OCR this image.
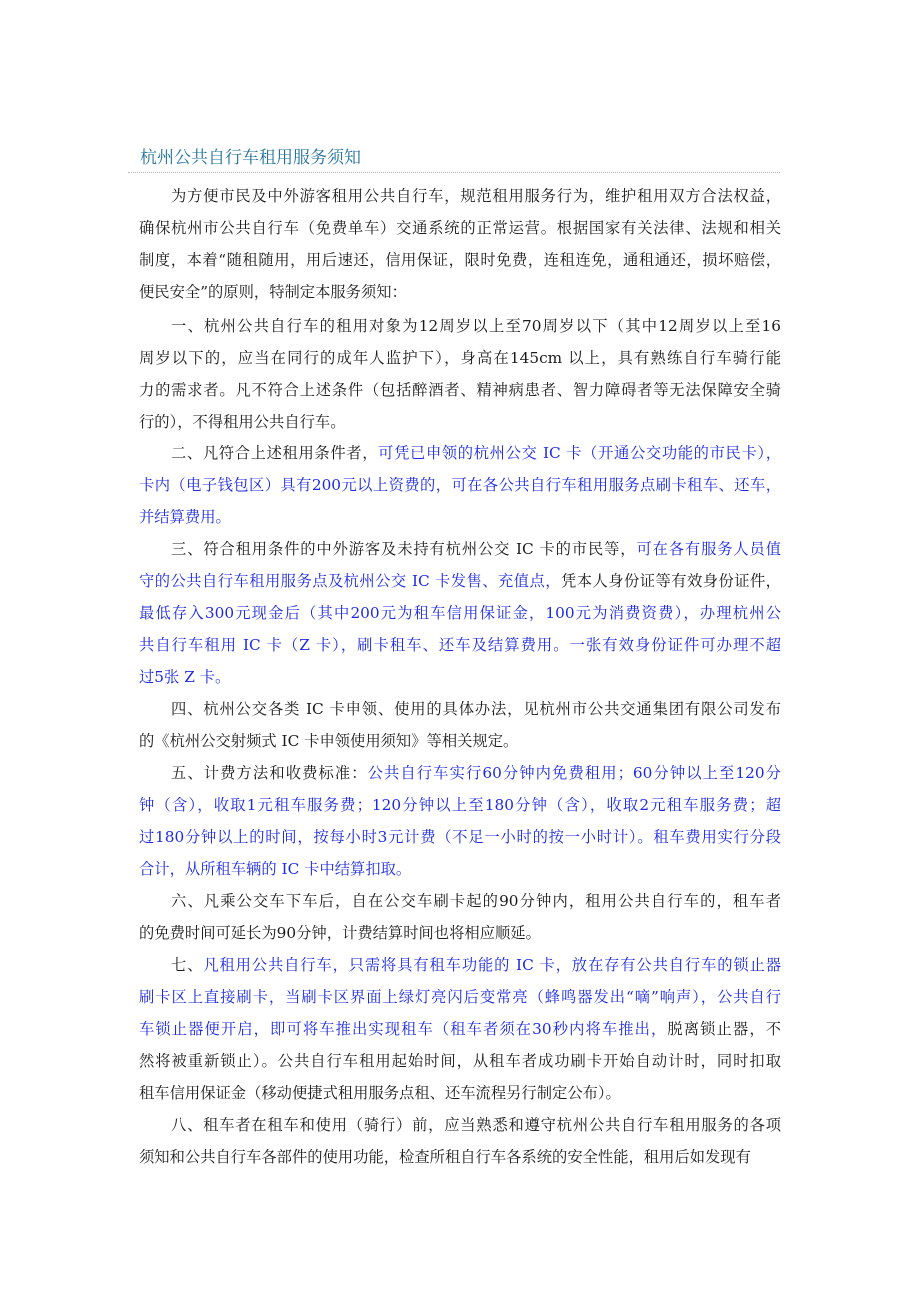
杭州公共自行车租用服务须知
为方便市民及中外游客租用公共自行车，规范租用服务行为，维护租用双方合法权益，
确保杭州市公共自行车（免费单车）交通系统的正常运营。根据国家有关法律、法规和相关
制度，本着“随租随用，用后速还，信用保证，限时免费，连租连免，通租通还，损坏赔偿，
便民安全”的原则，特制定本服务须知：
一、杭州公共自行车的租用对象为12周岁以上至70周岁以下（其中12周岁以上至16
周岁以下的，应当在同行的成年人监护下），身高在145cm 以上，具有熟练自行车骑行能
力的需求者。凡不符合上述条件（包括醉酒者、精神病患者、智力障碍者等无法保障安全骑
行的），不得租用公共自行车。
二、凡符合上述租用条件者，可凭已申领的杭州公交 IC 卡（开通公交功能的市民卡），
卡内（电子钱包区）具有200元以上资费的，可在各公共自行车租用服务点刷卡租车、还车，
并结算费用。
三、符合租用条件的中外游客及未持有杭州公交 IC 卡的市民等，可在各有服务人员值
守的公共自行车租用服务点及杭州公交 IC 卡发售、充值点，凭本人身份证等有效身份证件，
最低存入300元现金后（其中200元为租车信用保证金，100元为消费资费），办理杭州公
共自行车租用 IC 卡（Z 卡），刷卡租车、还车及结算费用。一张有效身份证件可办理不超
过5张 Z 卡。
四、杭州公交各类 IC 卡申领、使用的具体办法，见杭州市公共交通集团有限公司发布
的《杭州公交射频式 IC 卡申领使用须知》等相关规定。
五、计费方法和收费标准：公共自行车实行60分钟内免费租用；60分钟以上至120分
钟（含），收取1元租车服务费；120分钟以上至180分钟（含），收取2元租车服务费；超
过180分钟以上的时间，按每小时3元计费（不足一小时的按一小时计）。租车费用实行分段
合计，从所租车辆的 IC 卡中结算扣取。
六、凡乘公交车下车后，自在公交车刷卡起的90分钟内，租用公共自行车的，租车者
的免费时间可延长为90分钟，计费结算时间也将相应顺延。
七、凡租用公共自行车，只需将具有租车功能的 IC 卡，放在存有公共自行车的锁止器
刷卡区上直接刷卡，当刷卡区界面上绿灯亮闪后变常亮（蜂鸣器发出“嘀”响声），公共自行
车锁止器便开启，即可将车推出实现租车（租车者须在30秒内将车推出，脱离锁止器，不
然将被重新锁止）。公共自行车租用起始时间，从租车者成功刷卡开始自动计时，同时扣取
租车信用保证金（移动便捷式租用服务点租、还车流程另行制定公布）。
八、租车者在租车和使用（骑行）前，应当熟悉和遵守杭州公共自行车租用服务的各项
须知和公共自行车各部件的使用功能，检查所租自行车各系统的安全性能，租用后如发现有
